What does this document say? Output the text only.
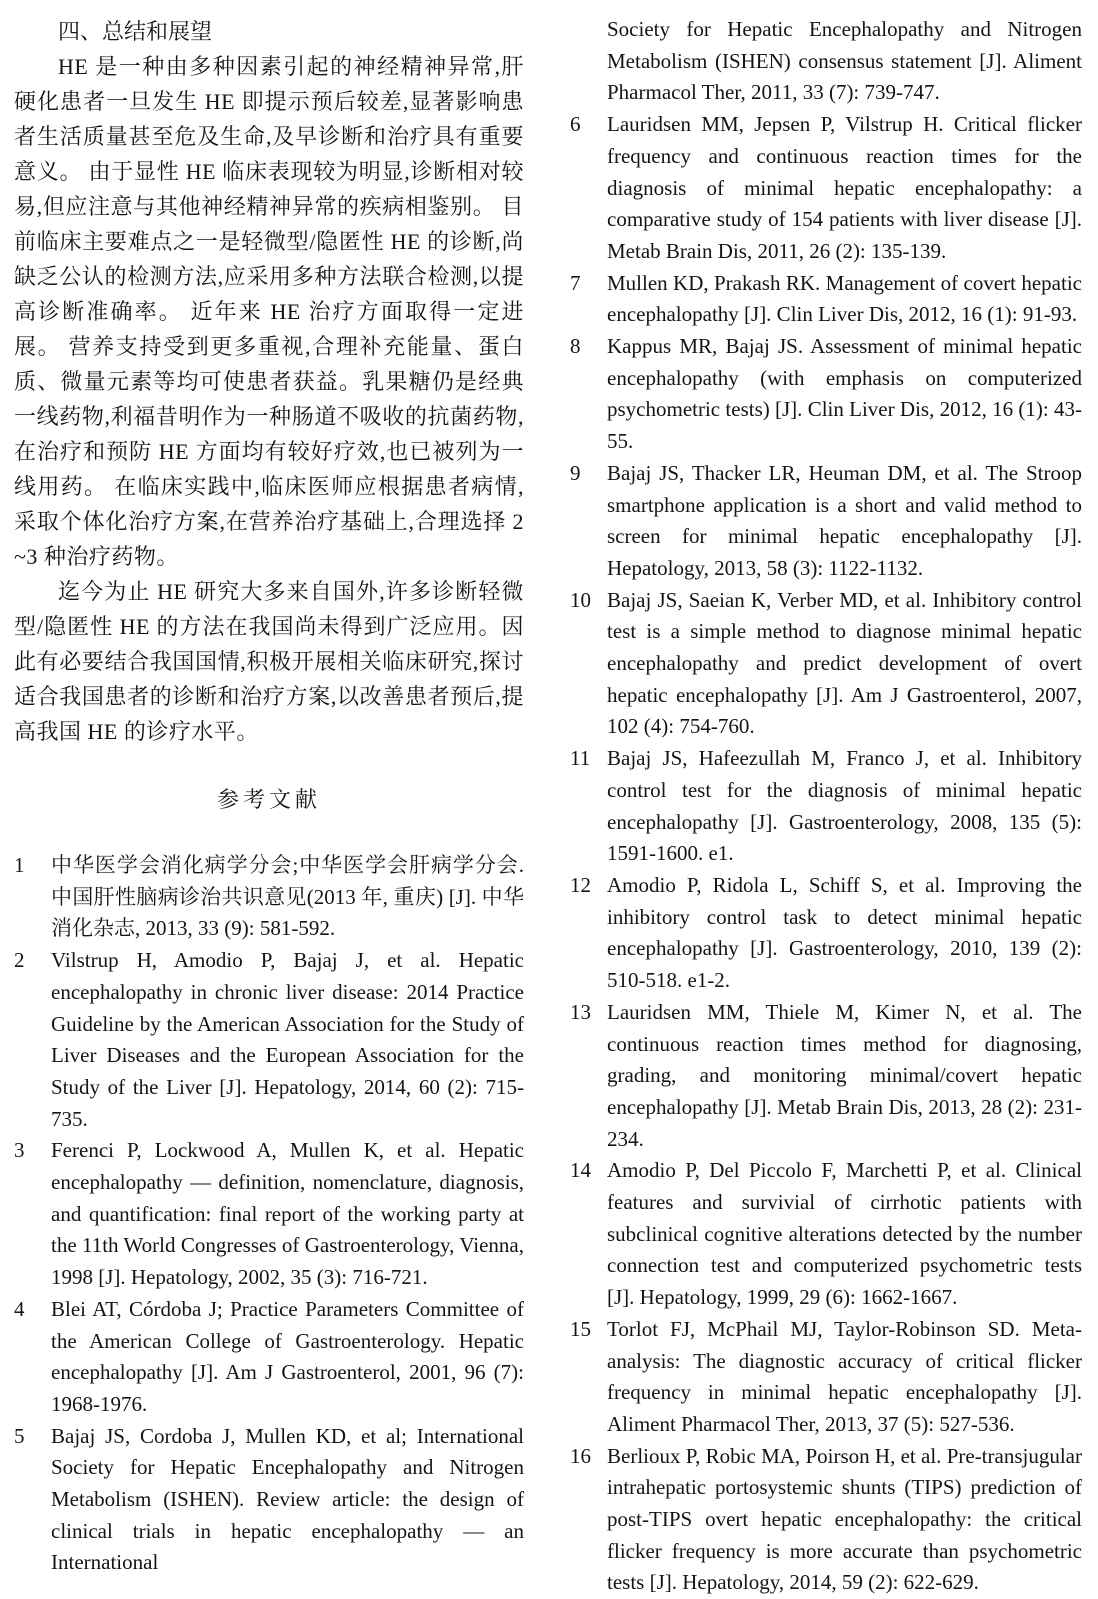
四、总结和展望

HE 是一种由多种因素引起的神经精神异常,肝硬化患者一旦发生 HE 即提示预后较差,显著影响患者生活质量甚至危及生命,及早诊断和治疗具有重要意义。 由于显性 HE 临床表现较为明显,诊断相对较易,但应注意与其他神经精神异常的疾病相鉴别。 目前临床主要难点之一是轻微型/隐匿性 HE 的诊断,尚缺乏公认的检测方法,应采用多种方法联合检测,以提高诊断准确率。 近年来 HE 治疗方面取得一定进展。 营养支持受到更多重视,合理补充能量、蛋白质、微量元素等均可使患者获益。乳果糖仍是经典一线药物,利福昔明作为一种肠道不吸收的抗菌药物,在治疗和预防 HE 方面均有较好疗效,也已被列为一线用药。 在临床实践中,临床医师应根据患者病情,采取个体化治疗方案,在营养治疗基础上,合理选择 2 ~3 种治疗药物。

迄今为止 HE 研究大多来自国外,许多诊断轻微型/隐匿性 HE 的方法在我国尚未得到广泛应用。因此有必要结合我国国情,积极开展相关临床研究,探讨适合我国患者的诊断和治疗方案,以改善患者预后,提高我国 HE 的诊疗水平。

参考文献
1	中华医学会消化病学分会;中华医学会肝病学分会. 中国肝性脑病诊治共识意见(2013 年, 重庆) [J]. 中华消化杂志, 2013, 33 (9): 581-592.
2	Vilstrup H, Amodio P, Bajaj J, et al. Hepatic encephalopathy in chronic liver disease: 2014 Practice Guideline by the American Association for the Study of Liver Diseases and the European Association for the Study of the Liver [J]. Hepatology, 2014, 60 (2): 715-735.
3	Ferenci P, Lockwood A, Mullen K, et al. Hepatic encephalopathy — definition, nomenclature, diagnosis, and quantification: final report of the working party at the 11th World Congresses of Gastroenterology, Vienna, 1998 [J]. Hepatology, 2002, 35 (3): 716-721.
4	Blei AT, Córdoba J; Practice Parameters Committee of the American College of Gastroenterology. Hepatic encephalopathy [J]. Am J Gastroenterol, 2001, 96 (7): 1968-1976.
5	Bajaj JS, Cordoba J, Mullen KD, et al; International Society for Hepatic Encephalopathy and Nitrogen Metabolism (ISHEN). Review article: the design of clinical trials in hepatic encephalopathy — an International
Society for Hepatic Encephalopathy and Nitrogen Metabolism (ISHEN) consensus statement [J]. Aliment Pharmacol Ther, 2011, 33 (7): 739-747.
6	Lauridsen MM, Jepsen P, Vilstrup H. Critical flicker frequency and continuous reaction times for the diagnosis of minimal hepatic encephalopathy: a comparative study of 154 patients with liver disease [J]. Metab Brain Dis, 2011, 26 (2): 135-139.
7	Mullen KD, Prakash RK. Management of covert hepatic encephalopathy [J]. Clin Liver Dis, 2012, 16 (1): 91-93.
8	Kappus MR, Bajaj JS. Assessment of minimal hepatic encephalopathy (with emphasis on computerized psychometric tests) [J]. Clin Liver Dis, 2012, 16 (1): 43-55.
9	Bajaj JS, Thacker LR, Heuman DM, et al. The Stroop smartphone application is a short and valid method to screen for minimal hepatic encephalopathy [J]. Hepatology, 2013, 58 (3): 1122-1132.
10 Bajaj JS, Saeian K, Verber MD, et al. Inhibitory control test is a simple method to diagnose minimal hepatic encephalopathy and predict development of overt hepatic encephalopathy [J]. Am J Gastroenterol, 2007, 102 (4): 754-760.
11 Bajaj JS, Hafeezullah M, Franco J, et al. Inhibitory control test for the diagnosis of minimal hepatic encephalopathy [J]. Gastroenterology, 2008, 135 (5): 1591-1600. e1.
12 Amodio P, Ridola L, Schiff S, et al. Improving the inhibitory control task to detect minimal hepatic encephalopathy [J]. Gastroenterology, 2010, 139 (2): 510-518. e1-2.
13 Lauridsen MM, Thiele M, Kimer N, et al. The continuous reaction times method for diagnosing, grading, and monitoring minimal/covert hepatic encephalopathy [J]. Metab Brain Dis, 2013, 28 (2): 231-234.
14 Amodio P, Del Piccolo F, Marchetti P, et al. Clinical features and survivial of cirrhotic patients with subclinical cognitive alterations detected by the number connection test and computerized psychometric tests [J]. Hepatology, 1999, 29 (6): 1662-1667.
15 Torlot FJ, McPhail MJ, Taylor-Robinson SD. Meta-analysis: The diagnostic accuracy of critical flicker frequency in minimal hepatic encephalopathy [J]. Aliment Pharmacol Ther, 2013, 37 (5): 527-536.
16 Berlioux P, Robic MA, Poirson H, et al. Pre-transjugular intrahepatic portosystemic shunts (TIPS) prediction of post-TIPS overt hepatic encephalopathy: the critical flicker frequency is more accurate than psychometric tests [J]. Hepatology, 2014, 59 (2): 622-629.
